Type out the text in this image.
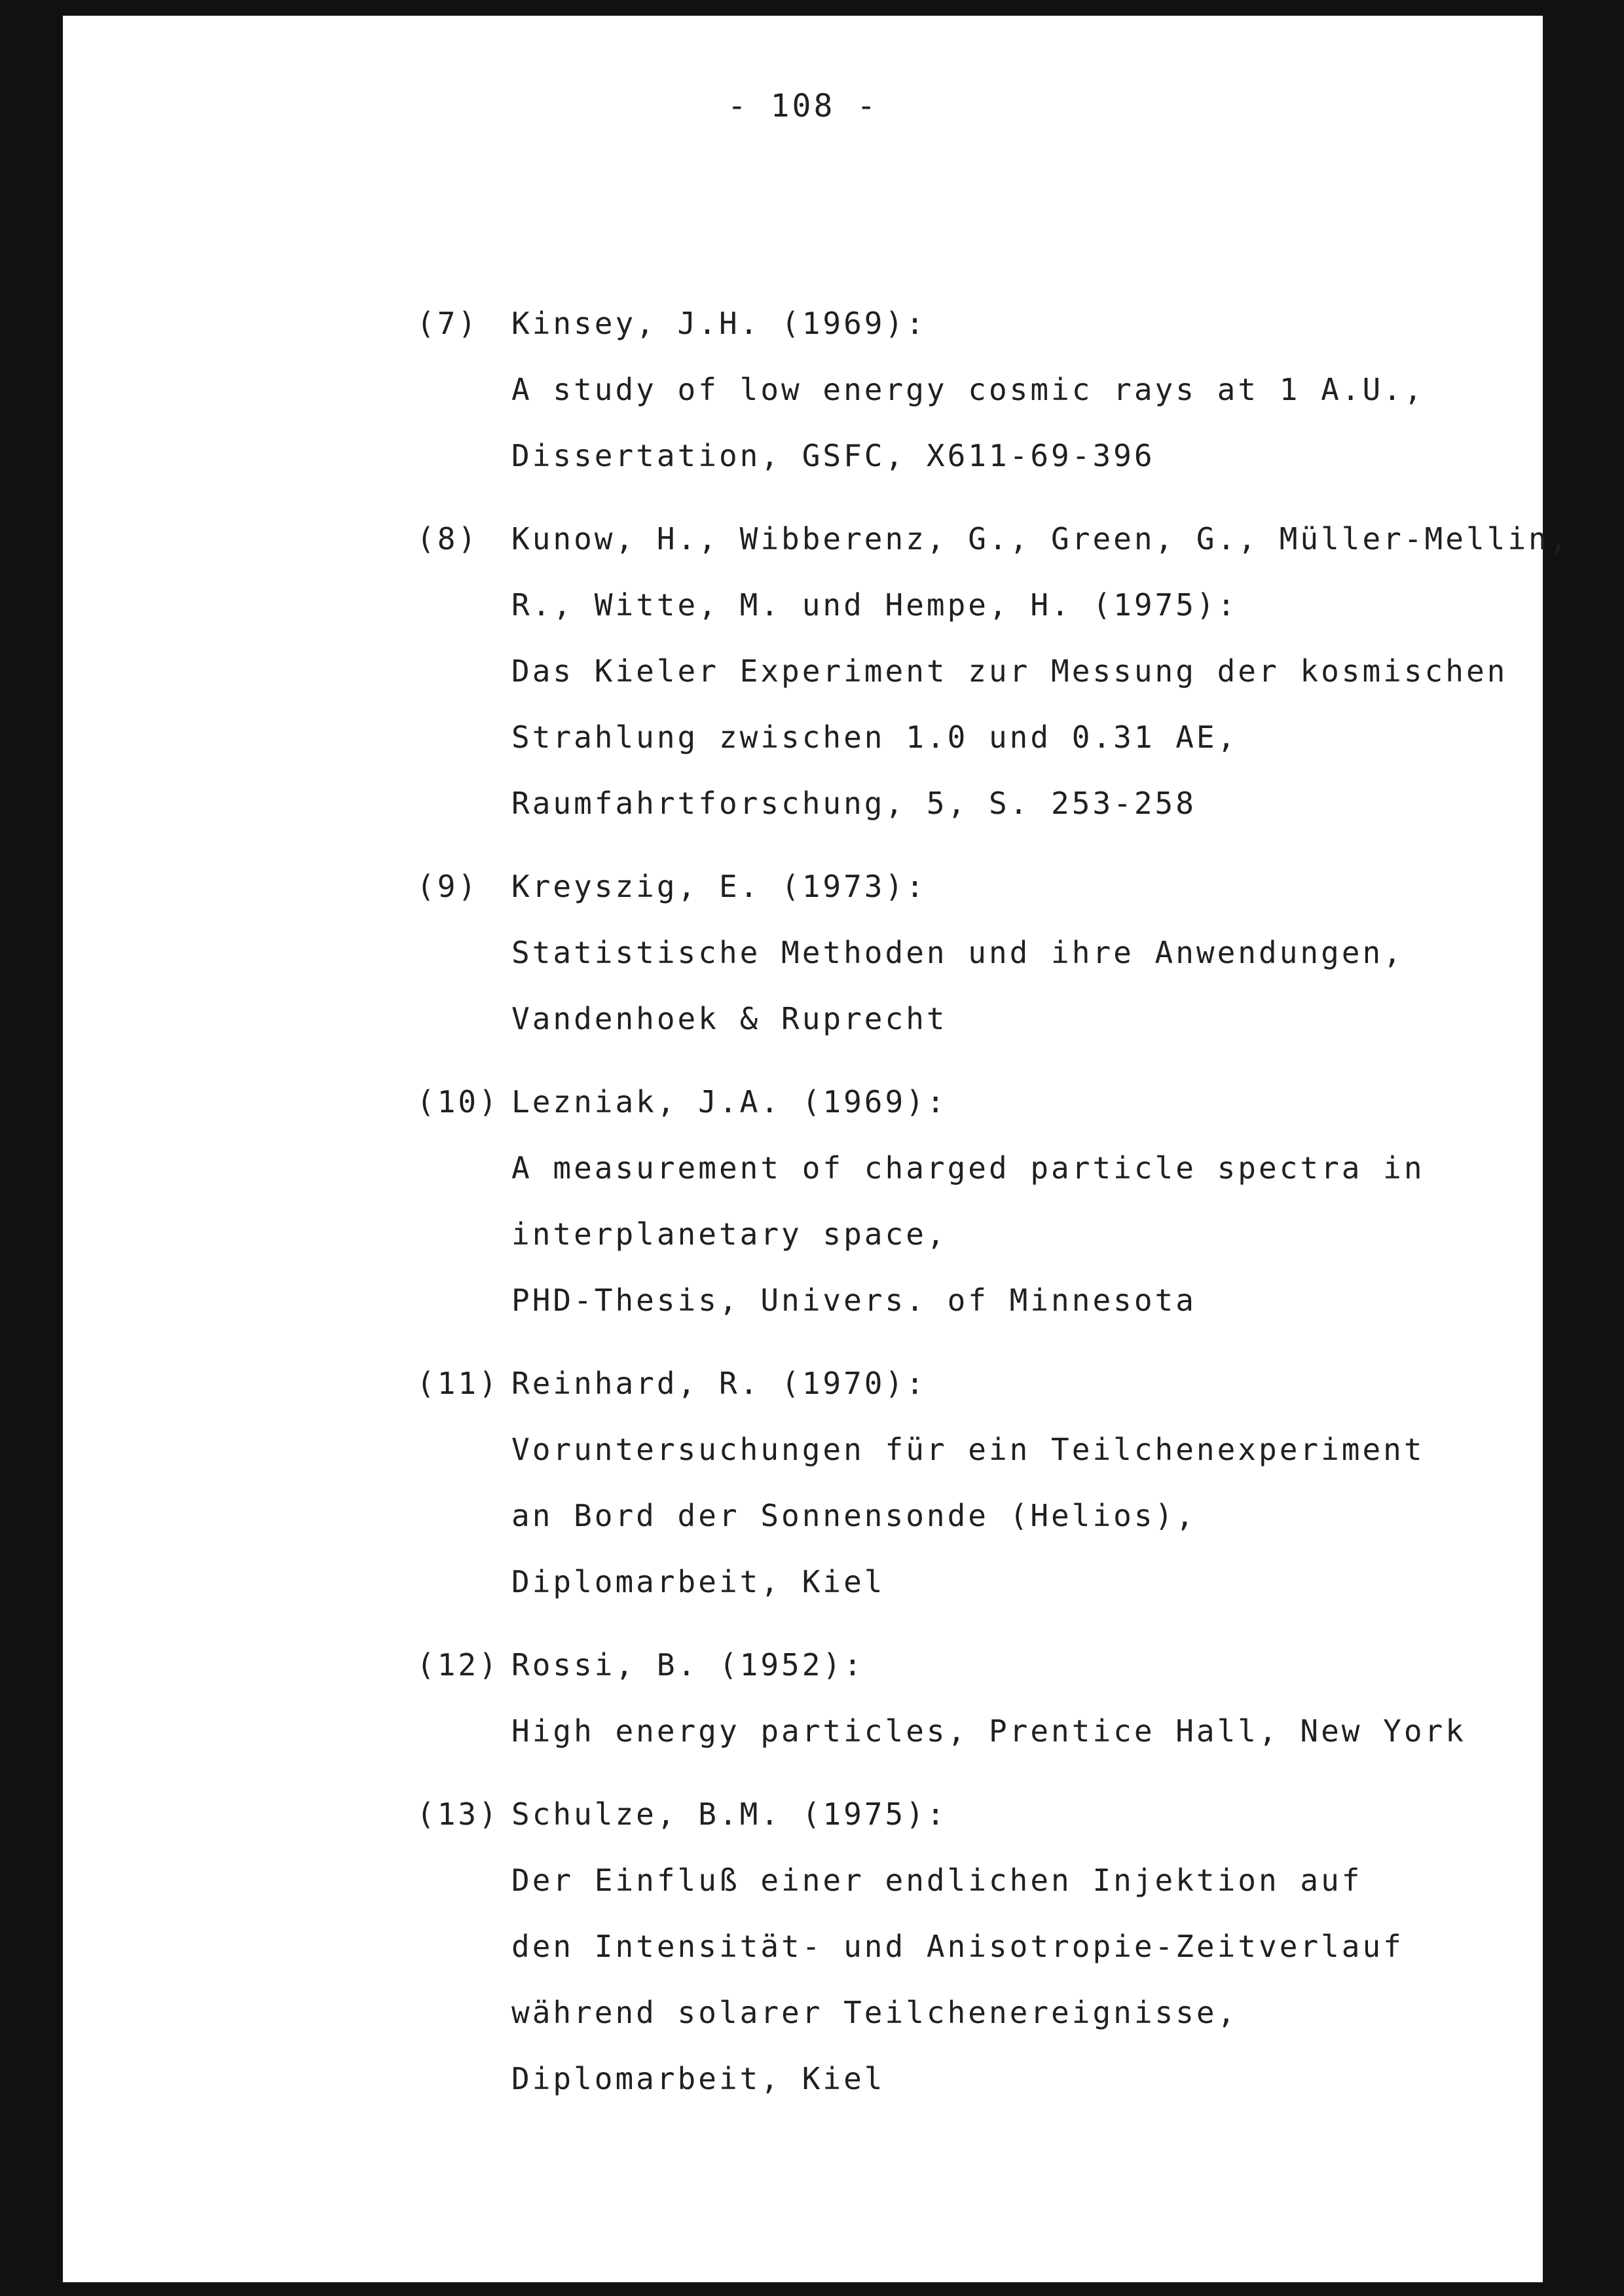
- 108 -
(7) Kinsey, J.H. (1969):
A study of low energy cosmic rays at 1 A.U.,
Dissertation, GSFC, X611-69-396
(8) Kunow, H., Wibberenz, G., Green, G., Müller-Mellin,
R., Witte, M. und Hempe, H. (1975):
Das Kieler Experiment zur Messung der kosmischen
Strahlung zwischen 1.0 und 0.31 AE,
Raumfahrtforschung, 5, S. 253-258
(9) Kreyszig, E. (1973):
Statistische Methoden und ihre Anwendungen,
Vandenhoek & Ruprecht
(10) Lezniak, J.A. (1969):
A measurement of charged particle spectra in
interplanetary space,
PHD-Thesis, Univers. of Minnesota
(11) Reinhard, R. (1970):
Voruntersuchungen für ein Teilchenexperiment
an Bord der Sonnensonde (Helios),
Diplomarbeit, Kiel
(12) Rossi, B. (1952):
High energy particles, Prentice Hall, New York
(13) Schulze, B.M. (1975):
Der Einfluß einer endlichen Injektion auf
den Intensität- und Anisotropie-Zeitverlauf
während solarer Teilchenereignisse,
Diplomarbeit, Kiel
